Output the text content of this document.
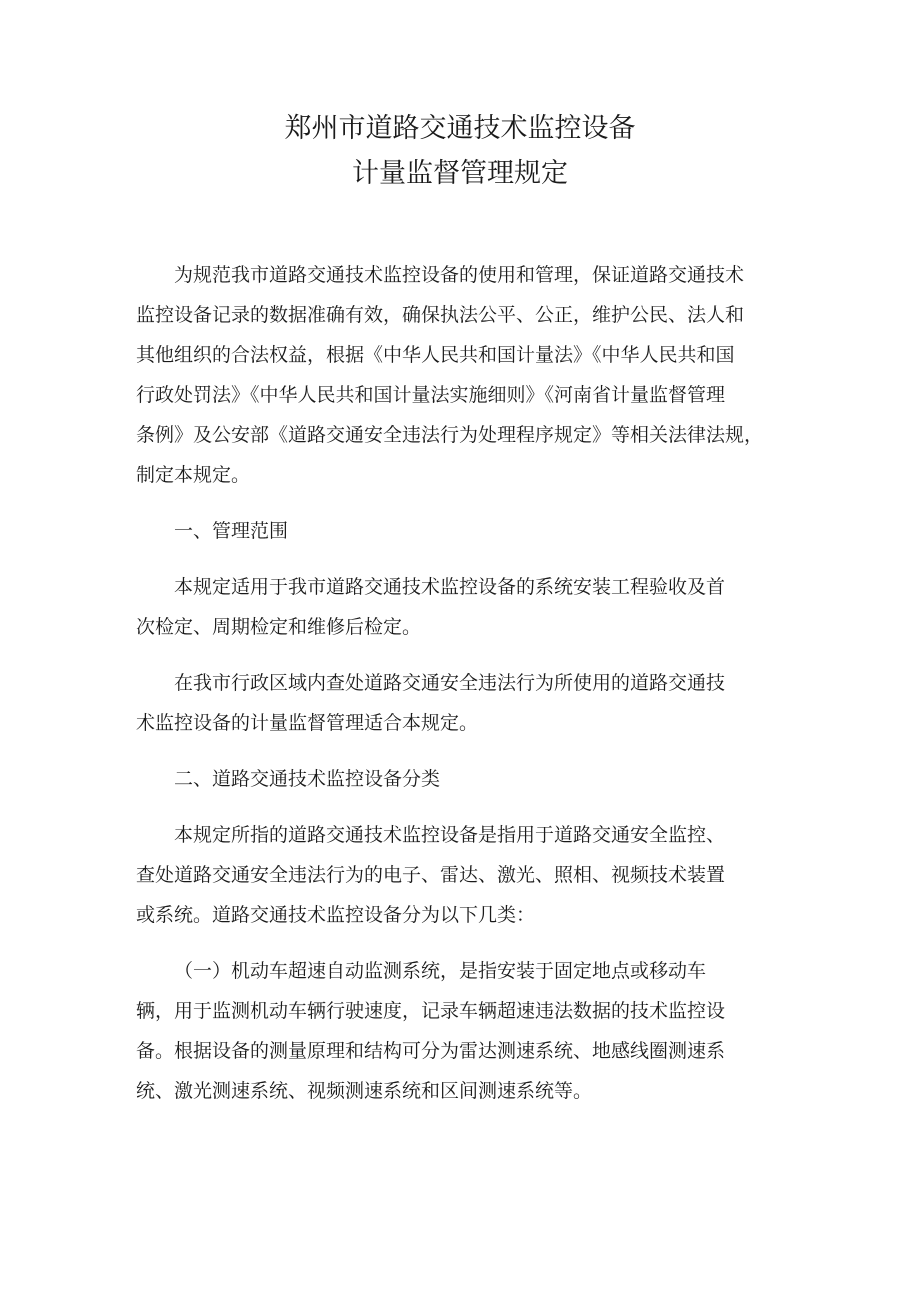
郑州市道路交通技术监控设备
计量监督管理规定

为规范我市道路交通技术监控设备的使用和管理，保证道路交通技术
监控设备记录的数据准确有效，确保执法公平、公正，维护公民、法人和
其他组织的合法权益，根据《中华人民共和国计量法》《中华人民共和国
行政处罚法》《中华人民共和国计量法实施细则》《河南省计量监督管理
条例》及公安部《道路交通安全违法行为处理程序规定》等相关法律法规，
制定本规定。

一、管理范围

本规定适用于我市道路交通技术监控设备的系统安装工程验收及首
次检定、周期检定和维修后检定。

在我市行政区域内查处道路交通安全违法行为所使用的道路交通技
术监控设备的计量监督管理适合本规定。

二、道路交通技术监控设备分类

本规定所指的道路交通技术监控设备是指用于道路交通安全监控、
查处道路交通安全违法行为的电子、雷达、激光、照相、视频技术装置
或系统。道路交通技术监控设备分为以下几类：

（一）机动车超速自动监测系统，是指安装于固定地点或移动车
辆，用于监测机动车辆行驶速度，记录车辆超速违法数据的技术监控设
备。根据设备的测量原理和结构可分为雷达测速系统、地感线圈测速系
统、激光测速系统、视频测速系统和区间测速系统等。
